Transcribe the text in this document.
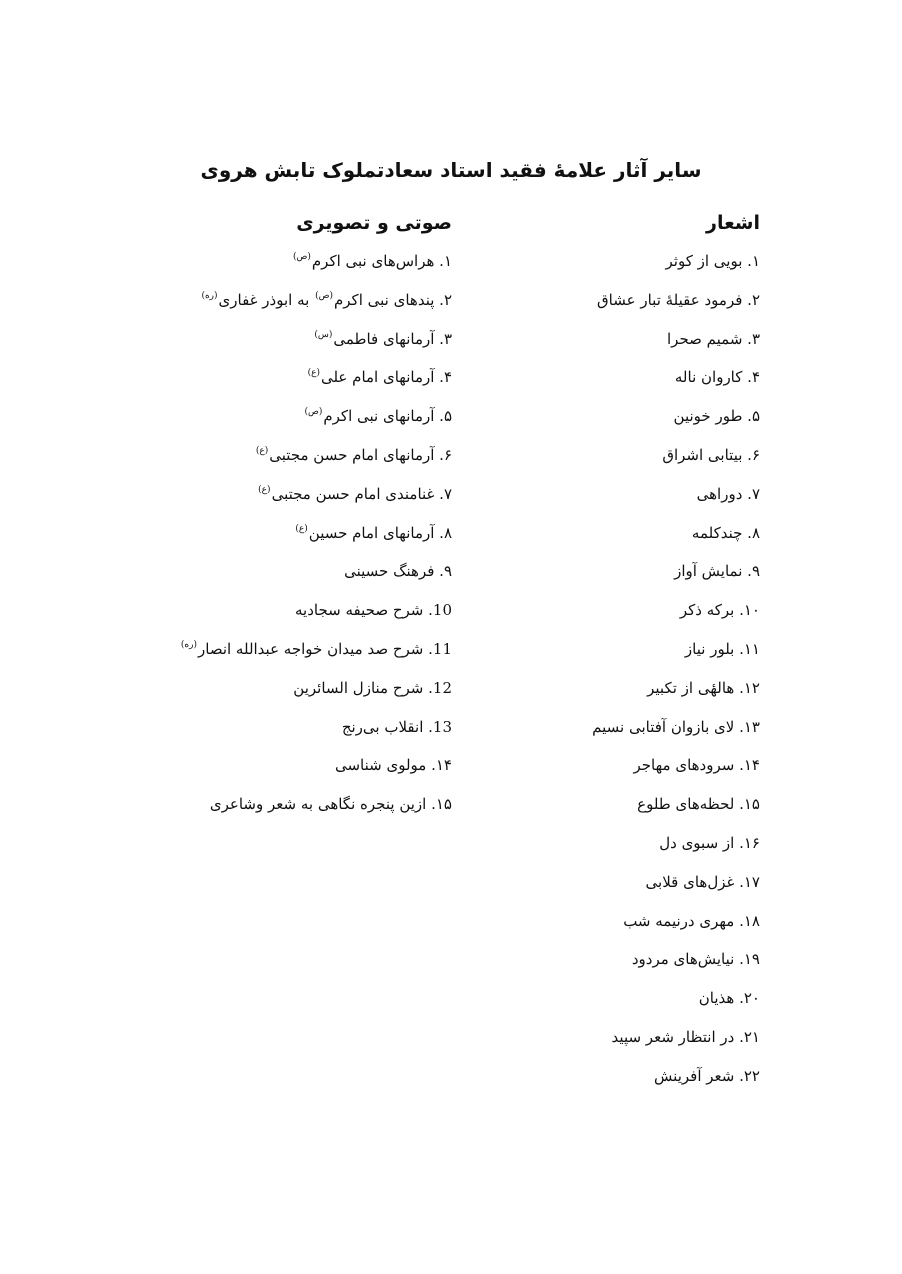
سایر آثار علامۀ فقید استاد سعادتملوک تابش هروی
اشعار
۱. بویی از کوثر
۲. فرمود عقیلۀ تبار عشاق
۳. شمیم صحرا
۴. کاروان ناله
۵. طور خونین
۶. بیتابی اشراق
۷. دوراهی
۸. چندکلمه
۹. نمایش آواز
۱۰. برکه ذکر
۱۱. بلور نیاز
۱۲. هالهٔی از تکبیر
۱۳. لای بازوان آفتابی نسیم
۱۴. سرودهای مهاجر
۱۵. لحظه‌های طلوع
۱۶. از سبوی دل
۱۷. غزل‌های قلابی
۱۸. مهری درنیمه شب
۱۹. نیایش‌های مردود
۲۰. هذیان
۲۱. در انتظار شعر سپید
۲۲. شعر آفرینش
صوتی و تصویری
۱. هراس‌های نبی اکرم$^{(ص)}$
۲. پندهای نبی اکرم$^{(ص)}$ به ابوذر غفاری$^{(ره)}$
۳. آرمانهای فاطمی$^{(س)}$
۴. آرمانهای امام علی$^{(ع)}$
۵. آرمانهای نبی اکرم$^{(ص)}$
۶. آرمانهای امام حسن مجتبی$^{(ع)}$
۷. غنامندی امام حسن مجتبی$^{(ع)}$
۸. آرمانهای امام حسین$^{(ع)}$
۹. فرهنگ حسینی
10. شرح صحیفه سجادیه
11. شرح صد میدان خواجه عبدالله انصار$^{(ره)}$
12. شرح منازل السائرین
13. انقلاب بی‌رنج
۱۴. مولوی شناسی
۱۵. ازین پنجره نگاهی به شعر وشاعری
